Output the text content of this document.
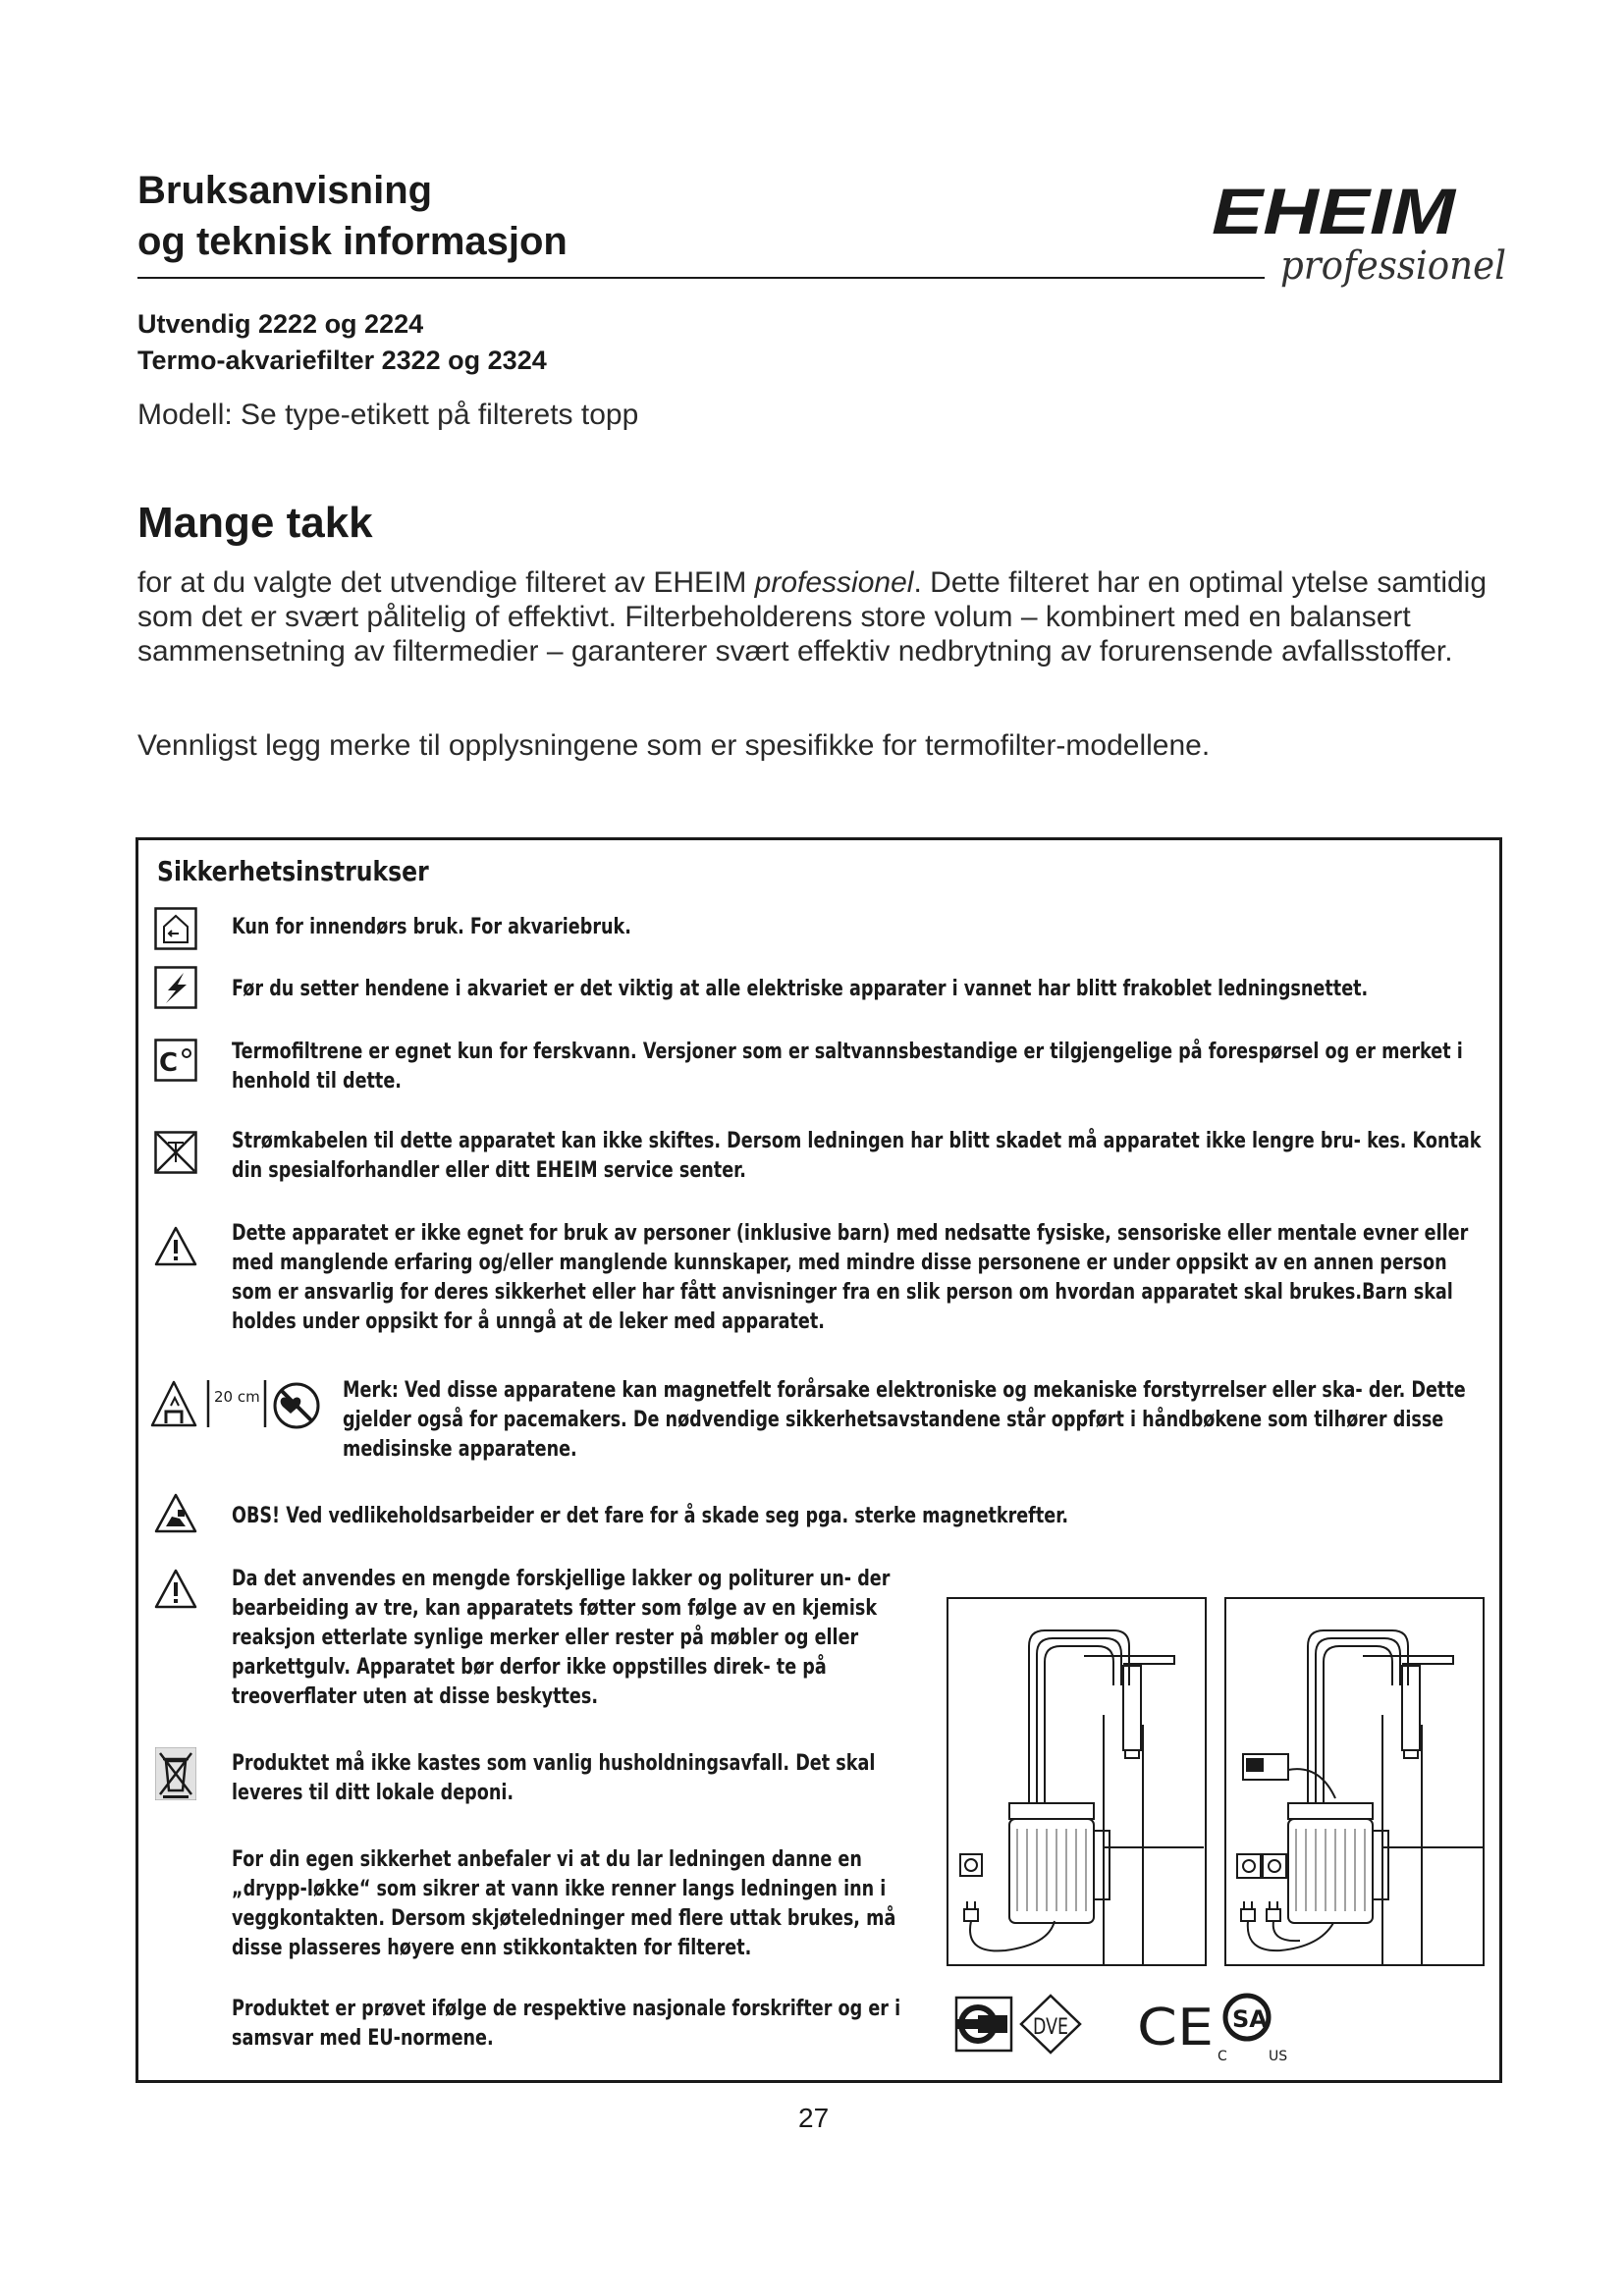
Bruksanvisning
og teknisk informasjon	EHEIM
professionel
Utvendig 2222 og 2224
Termo-akvariefilter 2322 og 2324
Modell: Se type-etikett på filterets topp
Mange takk

for at du valgte det utvendige filteret av EHEIM professionel. Dette filteret har en optimal ytelse samtidig som det er svært pålitelig of effektivt. Filterbeholderens store volum – kombinert med en balansert sammensetning av filtermedier – garanterer svært effektiv nedbrytning av forurensende avfallsstoffer.

Vennligst legg merke til opplysningene som er spesifikke for termofilter-modellene.

Sikkerhetsinstrukser

Kun for innendørs bruk. For akvariebruk.

Før du setter hendene i akvariet er det viktig at alle elektriske apparater i vannet har blitt frakoblet ledningsnettet.

C Termofiltrene er egnet kun for ferskvann. Versjoner som er saltvannsbestandige er tilgjengelige på forespørsel og er merket i henhold til dette.

Strømkabelen til dette apparatet kan ikke skiftes. Dersom ledningen har blitt skadet må apparatet ikke lengre bru- kes. Kontak din spesialforhandler eller ditt EHEIM service senter.

Dette apparatet er ikke egnet for bruk av personer (inklusive barn) med nedsatte fysiske, sensoriske eller mentale evner eller med manglende erfaring og/eller manglende kunnskaper, med mindre disse personene er under oppsikt av en annen person som er ansvarlig for deres sikkerhet eller har fått anvisninger fra en slik person om hvordan apparatet skal brukes.Barn skal holdes under oppsikt for å unngå at de leker med apparatet.

20 cm	Merk: Ved disse apparatene kan magnetfelt forårsake elektroniske og mekaniske forstyrrelser eller ska- der. Dette gjelder også for pacemakers. De nødvendige sikkerhetsavstandene står oppført i håndbøkene som tilhører disse medisinske apparatene.

OBS! Ved vedlikeholdsarbeider er det fare for å skade seg pga. sterke magnetkrefter.

Da det anvendes en mengde forskjellige lakker og politurer un- der bearbeiding av tre, kan apparatets føtter som følge av en kjemisk reaksjon etterlate synlige merker eller rester på møbler og eller parkettgulv. Apparatet bør derfor ikke oppstilles direk- te på treoverflater uten at disse beskyttes.

Produktet må ikke kastes som vanlig husholdningsavfall. Det skal leveres til ditt lokale deponi.

For din egen sikkerhet anbefaler vi at du lar ledningen danne en „drypp-løkke“ som sikrer at vann ikke renner langs ledningen inn i veggkontakten. Dersom skjøteledninger med flere uttak brukes, må disse plasseres høyere enn stikkontakten for filteret.

Produktet er prøvet ifølge de respektive nasjonale forskrifter og er i samsvar med EU-normene.	DVE CE SA
C	US
27
